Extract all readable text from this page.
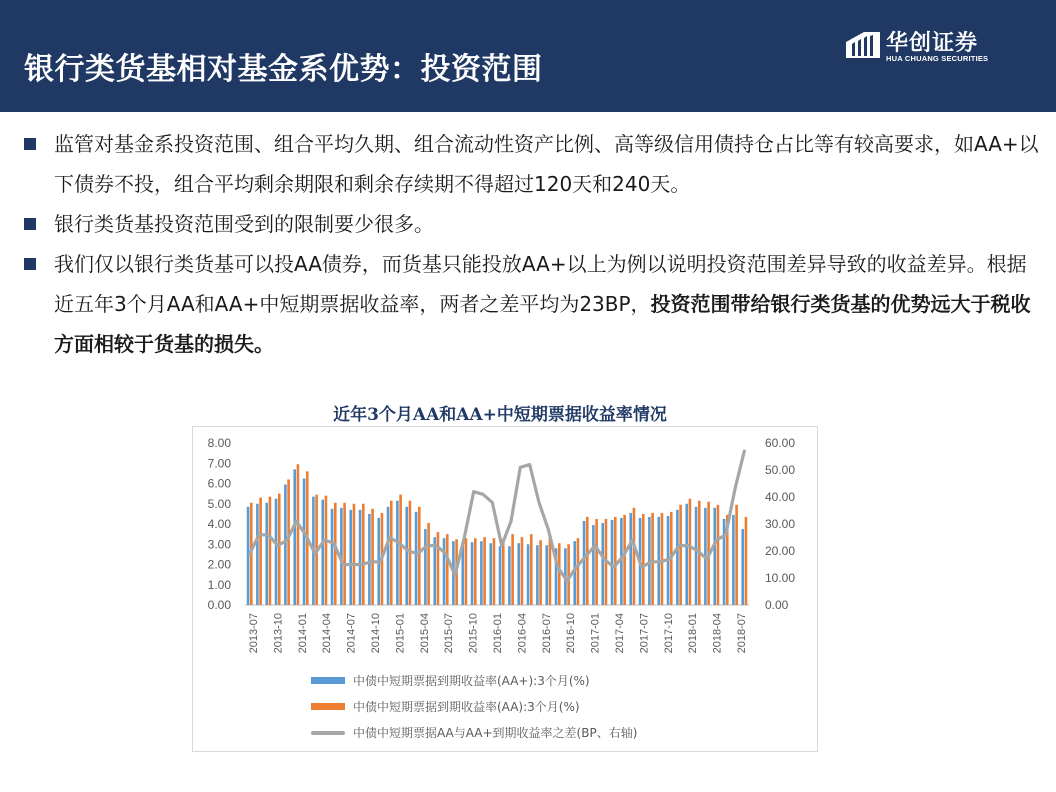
银行类货基相对基金系优势：投资范围
华创证券
HUA CHUANG SECURITIES
监管对基金系投资范围、组合平均久期、组合流动性资产比例、高等级信用债持仓占比等有较高要求，如AA+以下债券不投，组合平均剩余期限和剩余存续期不得超过120天和240天。
银行类货基投资范围受到的限制要少很多。
我们仅以银行类货基可以投AA债券，而货基只能投放AA+以上为例以说明投资范围差异导致的收益差异。根据近五年3个月AA和AA+中短期票据收益率，两者之差平均为23BP，投资范围带给银行类货基的优势远大于税收方面相较于货基的损失。
近年3个月AA和AA+中短期票据收益率情况
0.00
1.00
2.00
3.00
4.00
5.00
6.00
7.00
8.00
0.00
10.00
20.00
30.00
40.00
50.00
60.00
2013-07 2013-10 2014-01 2014-04 2014-07 2014-10 2015-01 2015-04 2015-07 2015-10 2016-01 2016-04 2016-07 2016-10 2017-01 2017-04 2017-07 2017-10 2018-01 2018-04 2018-07
中债中短期票据到期收益率(AA+):3个月(%)
中债中短期票据到期收益率(AA):3个月(%)
中债中短期票据AA与AA+到期收益率之差(BP、右轴)
